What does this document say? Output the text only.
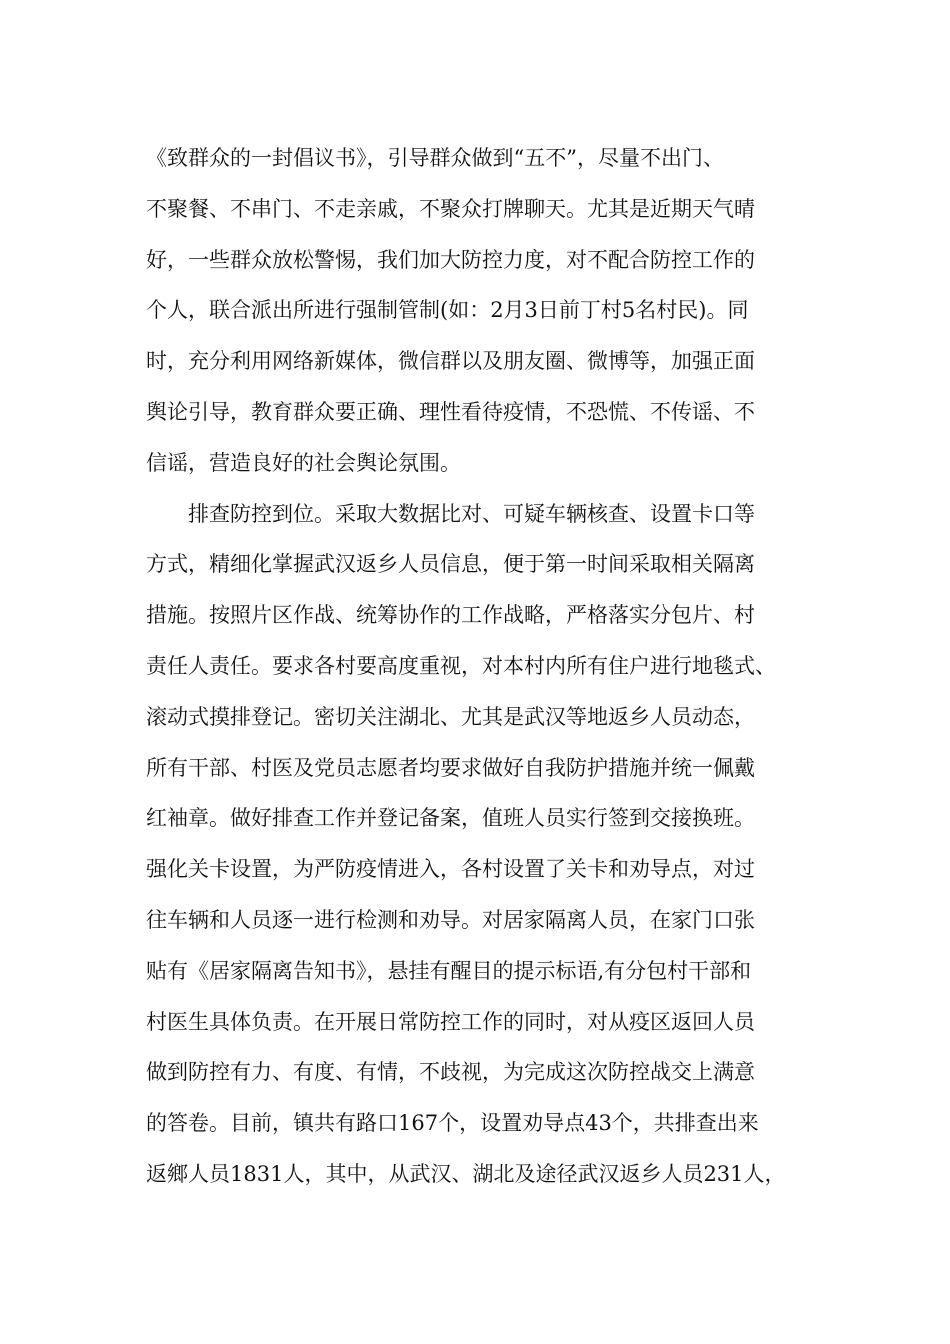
《致群众的一封倡议书》，引导群众做到“五不”，尽量不出门、
不聚餐、不串门、不走亲戚，不聚众打牌聊天。尤其是近期天气晴
好，一些群众放松警惕，我们加大防控力度，对不配合防控工作的
个人，联合派出所进行强制管制(如：2月3日前丁村5名村民)。同
时，充分利用网络新媒体，微信群以及朋友圈、微博等，加强正面
舆论引导，教育群众要正确、理性看待疫情，不恐慌、不传谣、不
信谣，营造良好的社会舆论氛围。
排查防控到位。采取大数据比对、可疑车辆核查、设置卡口等
方式，精细化掌握武汉返乡人员信息，便于第一时间采取相关隔离
措施。按照片区作战、统筹协作的工作战略，严格落实分包片、村
责任人责任。要求各村要高度重视，对本村内所有住户进行地毯式、
滚动式摸排登记。密切关注湖北、尤其是武汉等地返乡人员动态，
所有干部、村医及党员志愿者均要求做好自我防护措施并统一佩戴
红袖章。做好排查工作并登记备案，值班人员实行签到交接换班。
强化关卡设置，为严防疫情进入，各村设置了关卡和劝导点，对过
往车辆和人员逐一进行检测和劝导。对居家隔离人员，在家门口张
贴有《居家隔离告知书》，悬挂有醒目的提示标语,有分包村干部和
村医生具体负责。在开展日常防控工作的同时，对从疫区返回人员
做到防控有力、有度、有情，不歧视，为完成这次防控战交上满意
的答卷。目前，镇共有路口167个，设置劝导点43个，共排查出来
返鄉人员1831人，其中，从武汉、湖北及途径武汉返乡人员231人，
